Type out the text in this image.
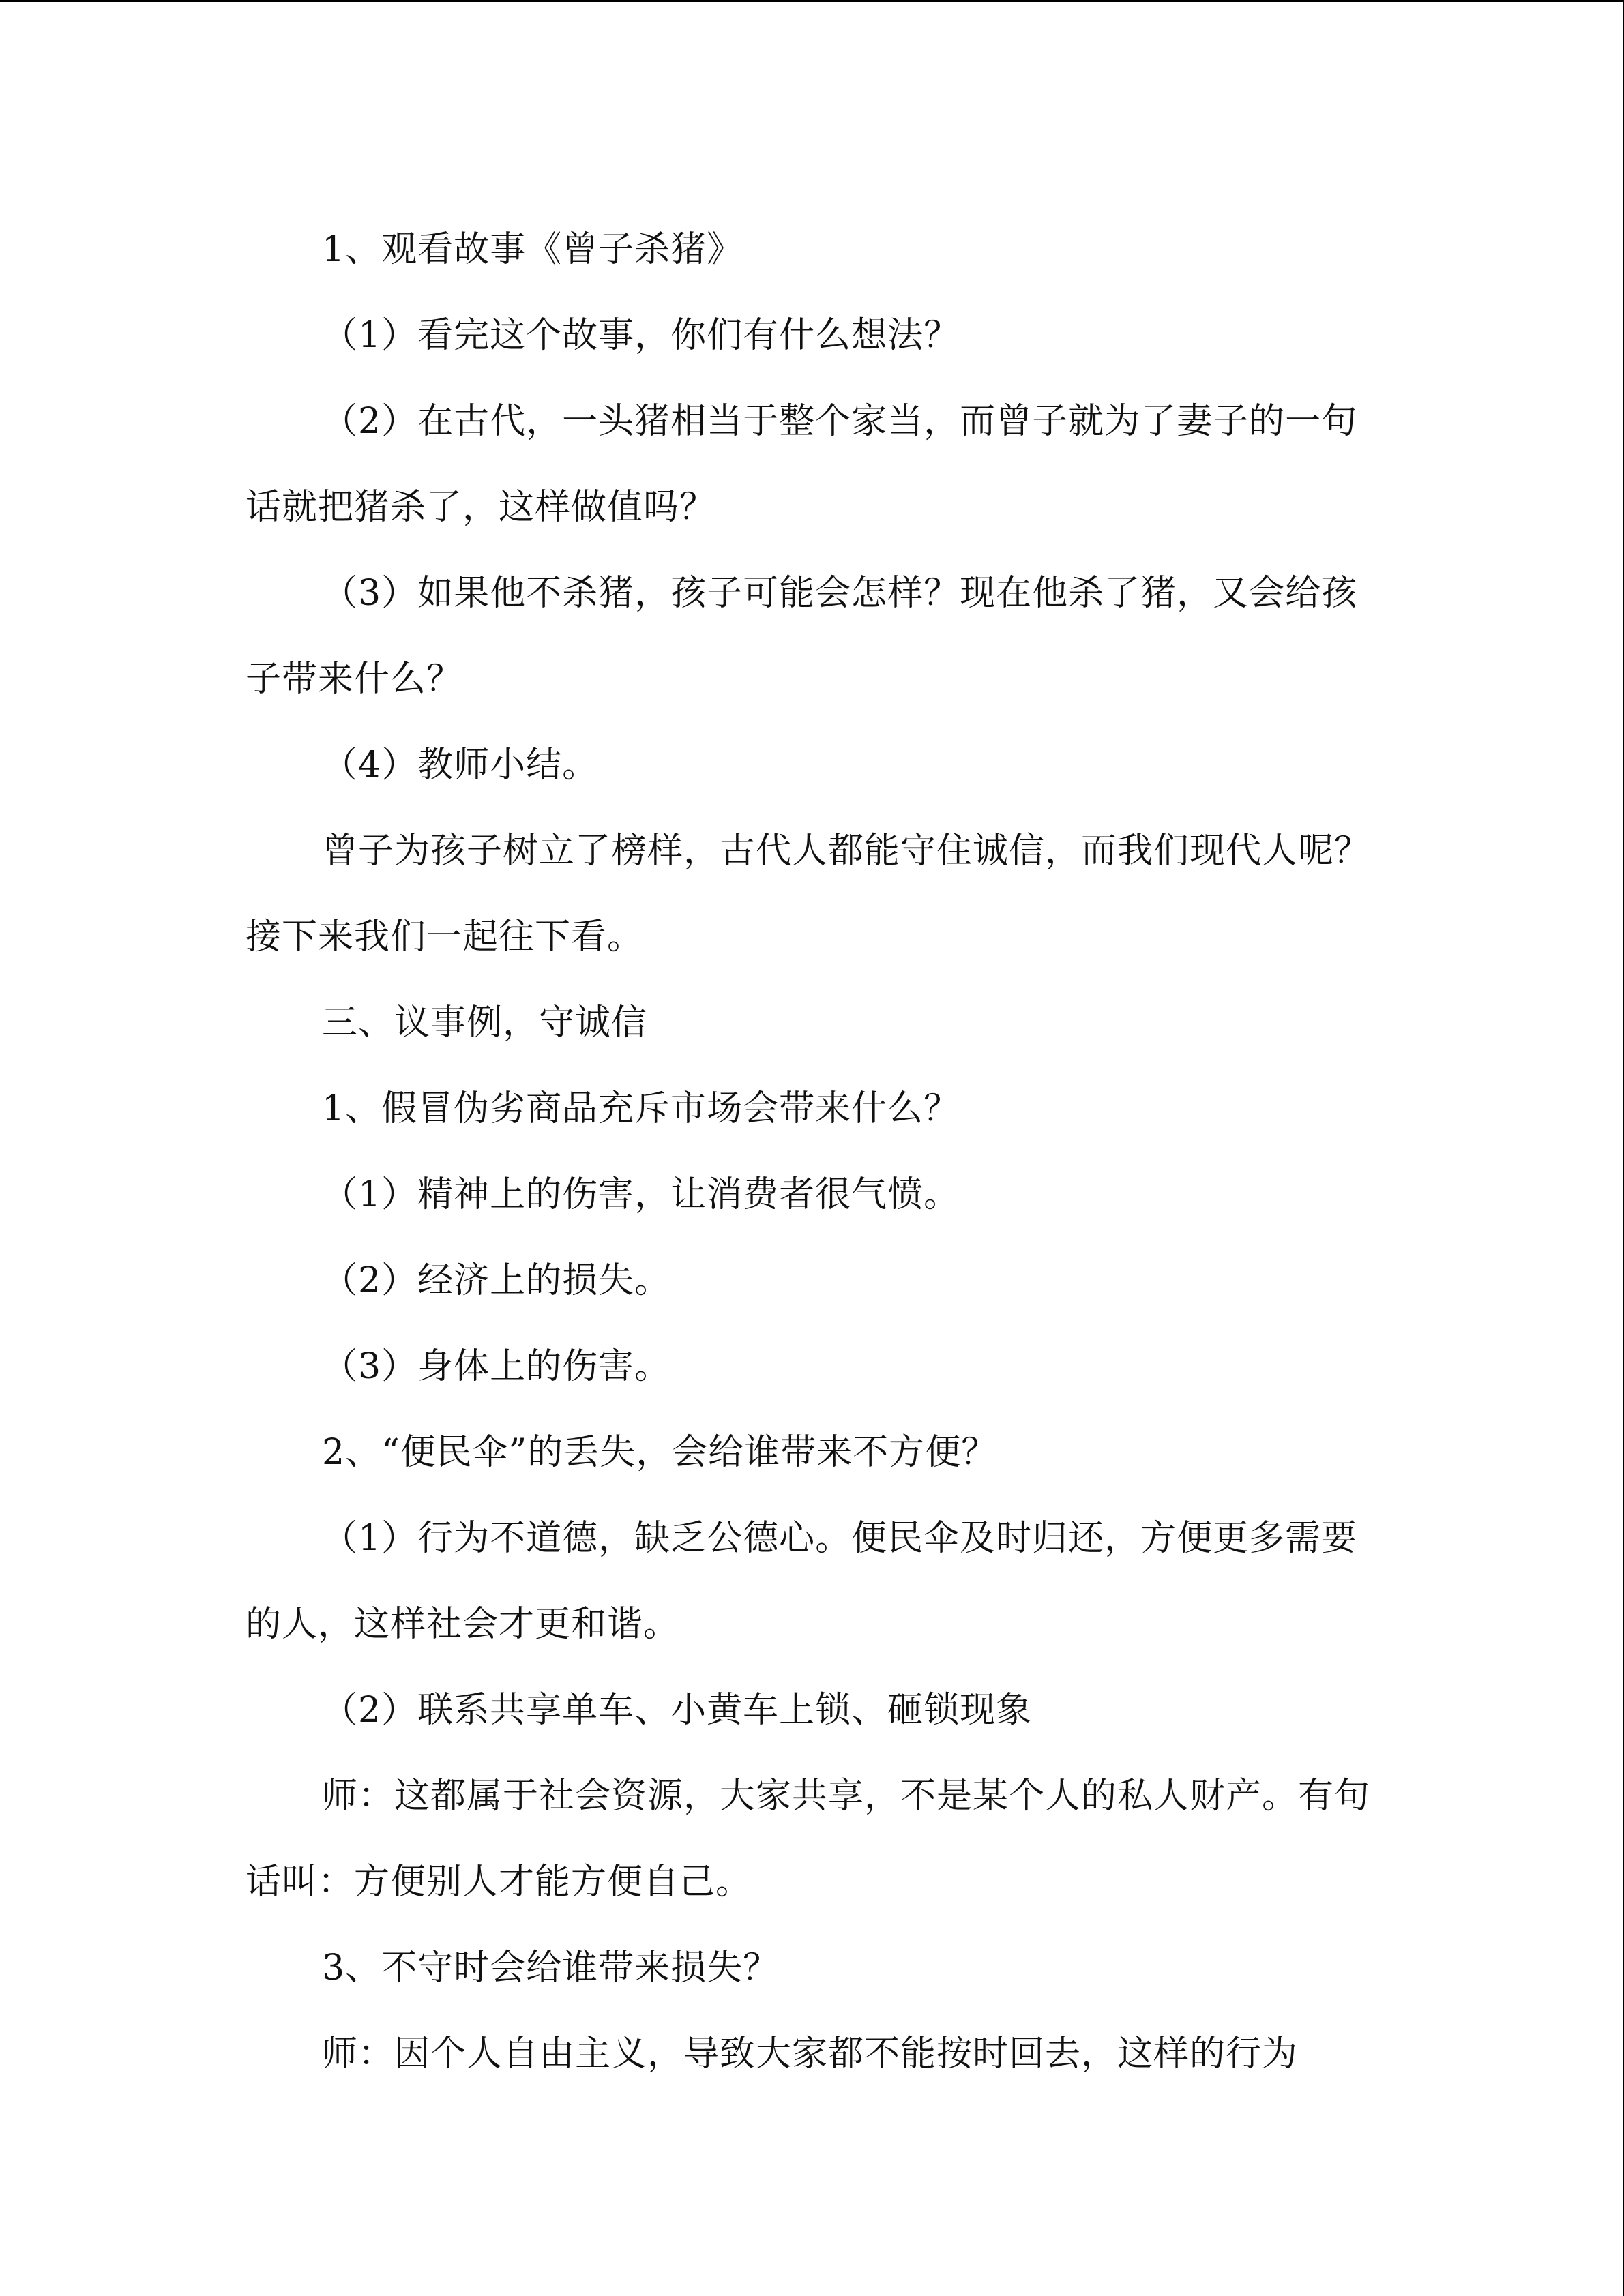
1、观看故事《曾子杀猪》

（1）看完这个故事，你们有什么想法？

（2）在古代，一头猪相当于整个家当，而曾子就为了妻子的一句话就把猪杀了，这样做值吗？

（3）如果他不杀猪，孩子可能会怎样？现在他杀了猪，又会给孩子带来什么？

（4）教师小结。

曾子为孩子树立了榜样，古代人都能守住诚信，而我们现代人呢？接下来我们一起往下看。

三、议事例，守诚信

1、假冒伪劣商品充斥市场会带来什么？

（1）精神上的伤害，让消费者很气愤。

（2）经济上的损失。

（3）身体上的伤害。

2、“便民伞”的丢失，会给谁带来不方便？

（1）行为不道德，缺乏公德心。便民伞及时归还，方便更多需要的人，这样社会才更和谐。

（2）联系共享单车、小黄车上锁、砸锁现象

师：这都属于社会资源，大家共享，不是某个人的私人财产。有句话叫：方便别人才能方便自己。

3、不守时会给谁带来损失？

师：因个人自由主义，导致大家都不能按时回去，这样的行为
